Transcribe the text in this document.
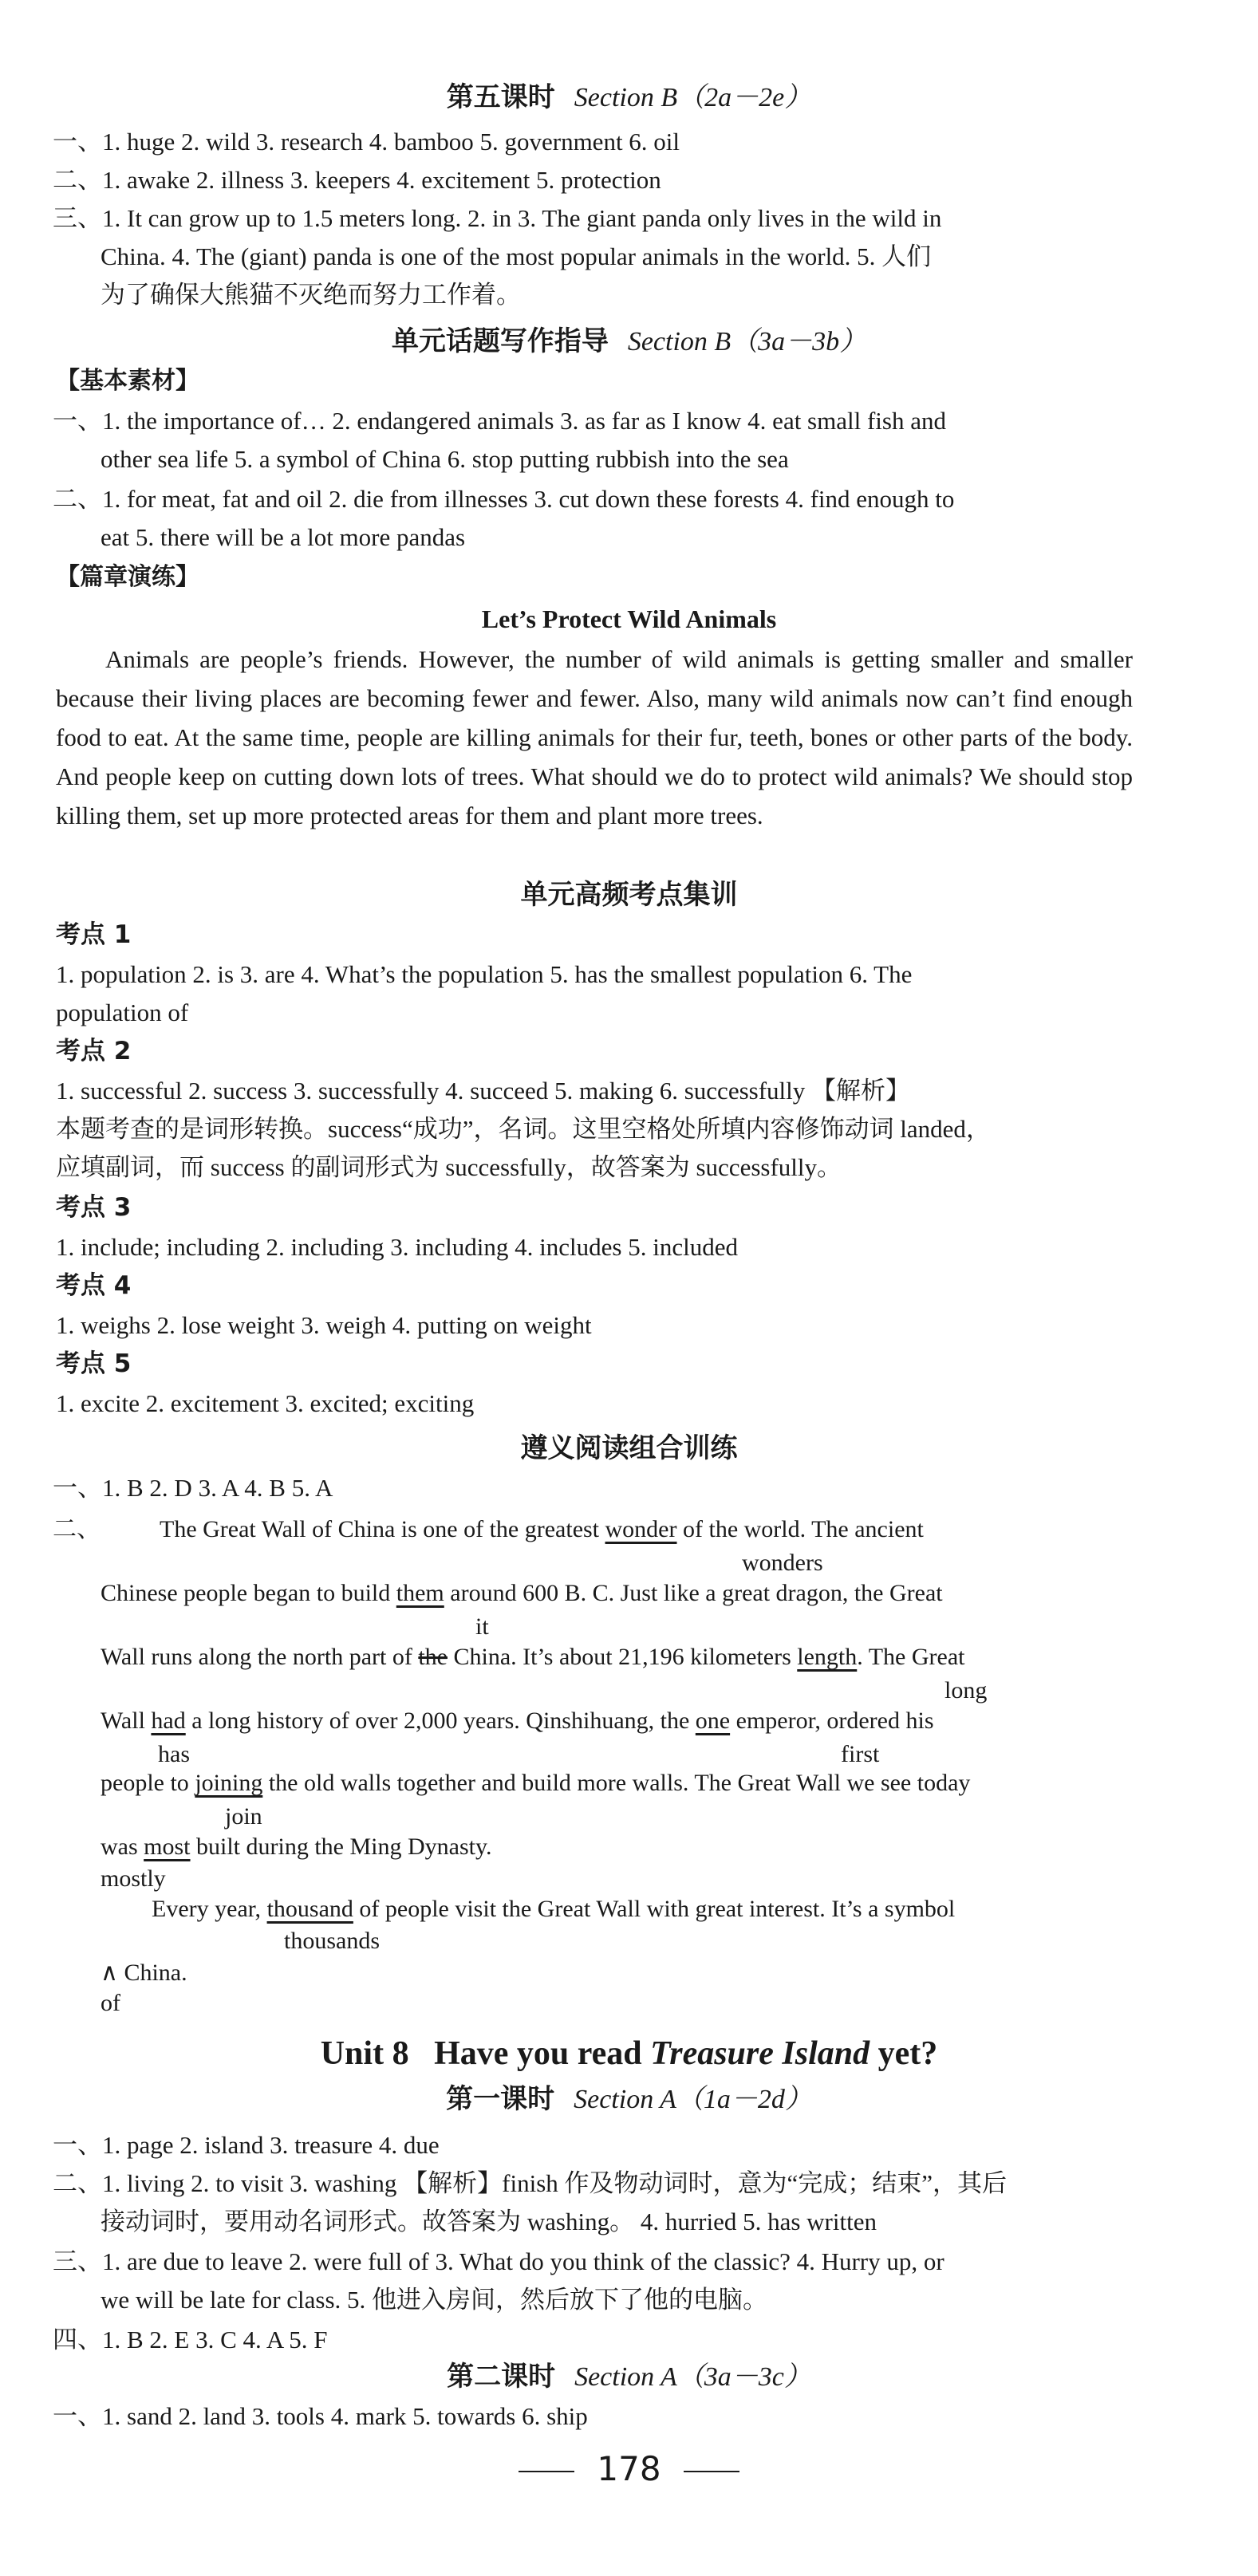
第五课时 Section B（2a－2e）
一、1. huge 2. wild 3. research 4. bamboo 5. government 6. oil
二、1. awake 2. illness 3. keepers 4. excitement 5. protection
三、1. It can grow up to 1.5 meters long. 2. in 3. The giant panda only lives in the wild in
China. 4. The (giant) panda is one of the most popular animals in the world. 5. 人们
为了确保大熊猫不灭绝而努力工作着。
单元话题写作指导 Section B（3a－3b）
【基本素材】
一、1. the importance of… 2. endangered animals 3. as far as I know 4. eat small fish and
other sea life 5. a symbol of China 6. stop putting rubbish into the sea
二、1. for meat, fat and oil 2. die from illnesses 3. cut down these forests 4. find enough to
eat 5. there will be a lot more pandas
【篇章演练】
Let’s Protect Wild Animals
Animals are people’s friends. However, the number of wild animals is getting smaller and smaller because their living places are becoming fewer and fewer. Also, many wild animals now can’t find enough food to eat. At the same time, people are killing animals for their fur, teeth, bones or other parts of the body. And people keep on cutting down lots of trees. What should we do to protect wild animals? We should stop killing them, set up more protected areas for them and plant more trees.
单元高频考点集训
考点 1
1. population 2. is 3. are 4. What’s the population 5. has the smallest population 6. The
population of
考点 2
1. successful 2. success 3. successfully 4. succeed 5. making 6. successfully 【解析】
本题考查的是词形转换。success“成功”，名词。这里空格处所填内容修饰动词 landed，
应填副词，而 success 的副词形式为 successfully，故答案为 successfully。
考点 3
1. include; including 2. including 3. including 4. includes 5. included
考点 4
1. weighs 2. lose weight 3. weigh 4. putting on weight
考点 5
1. excite 2. excitement 3. excited; exciting
遵义阅读组合训练
一、1. B 2. D 3. A 4. B 5. A
二、 The Great Wall of China is one of the greatest wonder of the world. The ancient
wonders
Chinese people began to build them around 600 B. C. Just like a great dragon, the Great
it
Wall runs along the north part of the China. It’s about 21,196 kilometers length. The Great
long
Wall had a long history of over 2,000 years. Qinshihuang, the one emperor, ordered his
has	first
people to joining the old walls together and build more walls. The Great Wall we see today
join
was most built during the Ming Dynasty.
mostly
Every year, thousand of people visit the Great Wall with great interest. It’s a symbol
thousands
∧ China.
of
Unit 8   Have you read Treasure Island yet?
第一课时 Section A（1a－2d）
一、1. page 2. island 3. treasure 4. due
二、1. living 2. to visit 3. washing 【解析】finish 作及物动词时，意为“完成；结束”，其后
接动词时，要用动名词形式。故答案为 washing。 4. hurried 5. has written
三、1. are due to leave 2. were full of 3. What do you think of the classic? 4. Hurry up, or
we will be late for class. 5. 他进入房间，然后放下了他的电脑。
四、1. B 2. E 3. C 4. A 5. F
第二课时 Section A（3a－3c）
一、1. sand 2. land 3. tools 4. mark 5. towards 6. ship
178
